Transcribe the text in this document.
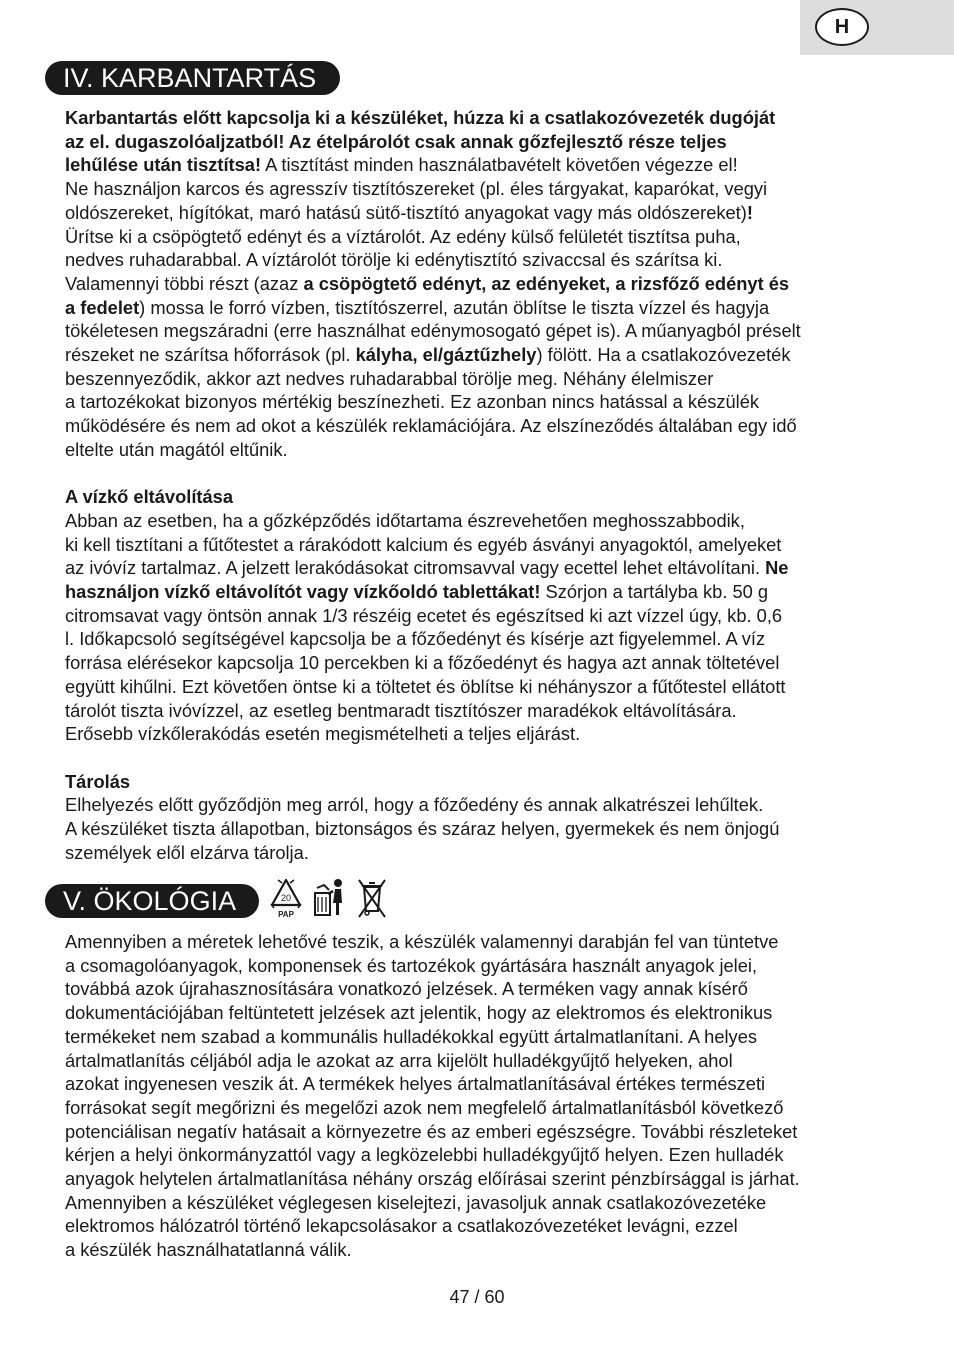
H
IV. KARBANTARTÁS

Karbantartás előtt kapcsolja ki a készüléket, húzza ki a csatlakozóvezeték dugóját

az el. dugaszolóaljzatból! Az ételpárolót csak annak gőzfejlesztő része teljes

lehűlése után tisztítsa! A tisztítást minden használatbavételt követően végezze el!

Ne használjon karcos és agresszív tisztítószereket (pl. éles tárgyakat, kaparókat, vegyi

oldószereket, hígítókat, maró hatású sütő-tisztító anyagokat vagy más oldószereket)!

Ürítse ki a csöpögtető edényt és a víztárolót. Az edény külső felületét tisztítsa puha,

nedves ruhadarabbal. A víztárolót törölje ki edénytisztító szivaccsal és szárítsa ki.

Valamennyi többi részt (azaz a csöpögtető edényt, az edényeket, a rizsfőző edényt és

a fedelet) mossa le forró vízben, tisztítószerrel, azután öblítse le tiszta vízzel és hagyja

tökéletesen megszáradni (erre használhat edénymosogató gépet is). A műanyagból préselt

részeket ne szárítsa hőforrások (pl. kályha, el/gáztűzhely) fölött. Ha a csatlakozóvezeték

beszennyeződik, akkor azt nedves ruhadarabbal törölje meg. Néhány élelmiszer

a tartozékokat bizonyos mértékig beszínezheti. Ez azonban nincs hatással a készülék

működésére és nem ad okot a készülék reklamációjára. Az elszíneződés általában egy idő

eltelte után magától eltűnik.

A vízkő eltávolítása

Abban az esetben, ha a gőzképződés időtartama észrevehetően meghosszabbodik,

ki kell tisztítani a fűtőtestet a rárakódott kalcium és egyéb ásványi anyagoktól, amelyeket

az ivóvíz tartalmaz. A jelzett lerakódásokat citromsavval vagy ecettel lehet eltávolítani. Ne

használjon vízkő eltávolítót vagy vízkőoldó tablettákat! Szórjon a tartályba kb. 50 g

citromsavat vagy öntsön annak 1/3 részéig ecetet és egészítsed ki azt vízzel úgy, kb. 0,6

l. Időkapcsoló segítségével kapcsolja be a főzőedényt és kísérje azt figyelemmel. A víz

forrása elérésekor kapcsolja 10 percekben ki a főzőedényt és hagya azt annak töltetével

együtt kihűlni. Ezt követően öntse ki a töltetet és öblítse ki néhányszor a fűtőtestel ellátott

tárolót tiszta ivóvízzel, az esetleg bentmaradt tisztítószer maradékok eltávolítására.

Erősebb vízkőlerakódás esetén megismételheti a teljes eljárást.

Tárolás

Elhelyezés előtt győződjön meg arról, hogy a főzőedény és annak alkatrészei lehűltek.

A készüléket tiszta állapotban, biztonságos és száraz helyen, gyermekek és nem önjogú

személyek elől elzárva tárolja.

V. ÖKOLÓGIA	20
PAP

Amennyiben a méretek lehetővé teszik, a készülék valamennyi darabján fel van tüntetve

a csomagolóanyagok, komponensek és tartozékok gyártására használt anyagok jelei,

továbbá azok újrahasznosítására vonatkozó jelzések. A terméken vagy annak kísérő

dokumentációjában feltüntetett jelzések azt jelentik, hogy az elektromos és elektronikus

termékeket nem szabad a kommunális hulladékokkal együtt ártalmatlanítani. A helyes

ártalmatlanítás céljából adja le azokat az arra kijelölt hulladékgyűjtő helyeken, ahol

azokat ingyenesen veszik át. A termékek helyes ártalmatlanításával értékes természeti

forrásokat segít megőrizni és megelőzi azok nem megfelelő ártalmatlanításból következő

potenciálisan negatív hatásait a környezetre és az emberi egészségre. További részleteket

kérjen a helyi önkormányzattól vagy a legközelebbi hulladékgyűjtő helyen. Ezen hulladék

anyagok helytelen ártalmatlanítása néhány ország előírásai szerint pénzbírsággal is járhat.

Amennyiben a készüléket véglegesen kiselejtezi, javasoljuk annak csatlakozóvezetéke

elektromos hálózatról történő lekapcsolásakor a csatlakozóvezetéket levágni, ezzel

a készülék használhatatlanná válik.

47 / 60
